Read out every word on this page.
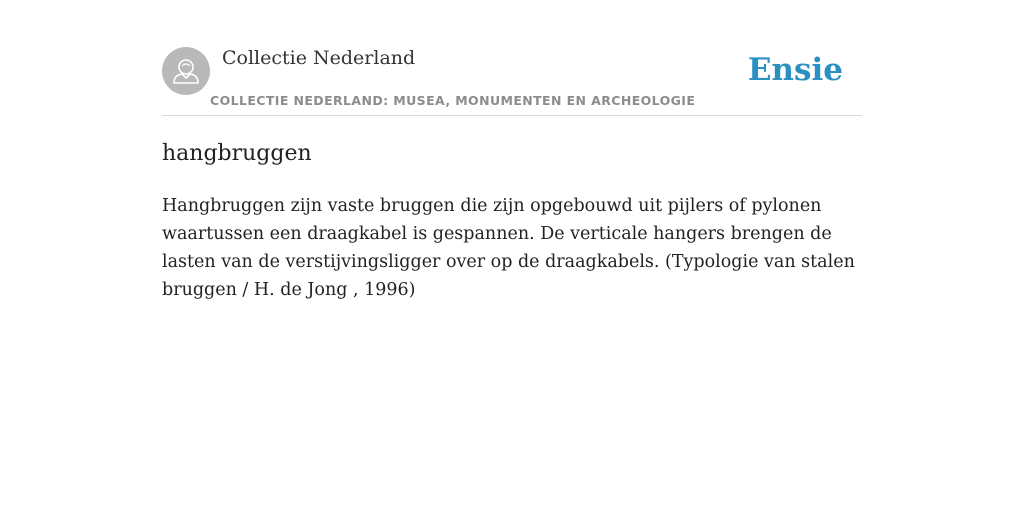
Collectie Nederland
COLLECTIE NEDERLAND: MUSEA, MONUMENTEN EN ARCHEOLOGIE
Ensie
hangbruggen

Hangbruggen zijn vaste bruggen die zijn opgebouwd uit pijlers of pylonen waartussen een draagkabel is gespannen. De verticale hangers brengen de lasten van de verstijvingsligger over op de draagkabels. (Typologie van stalen bruggen / H. de Jong , 1996)
